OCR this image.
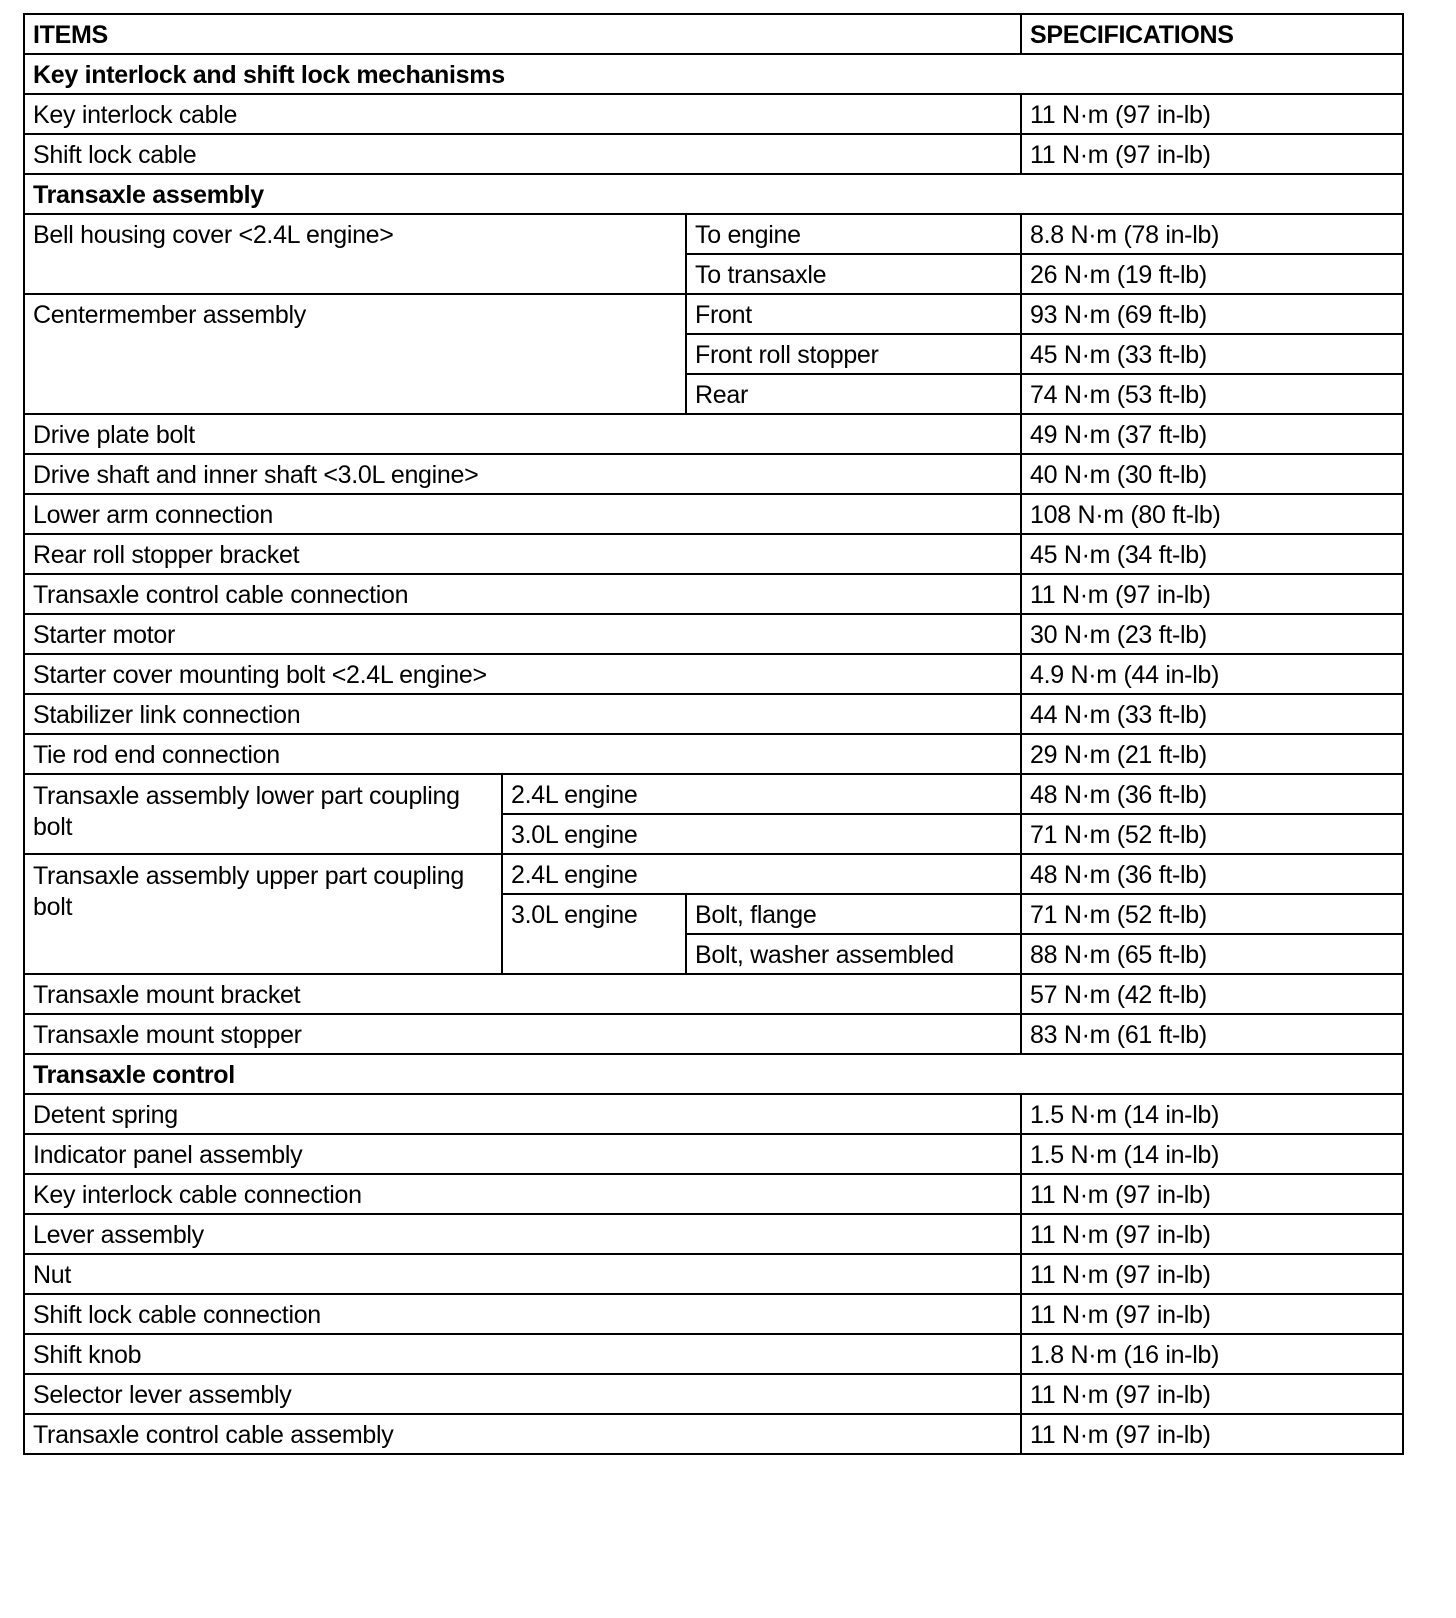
ITEMS			SPECIFICATIONS
Key interlock and shift lock mechanisms			
Key interlock cable			11 N·m (97 in-lb)
Shift lock cable			11 N·m (97 in-lb)
Transaxle assembly			
Bell housing cover <2.4L engine>		To engine	8.8 N·m (78 in-lb)
		To transaxle	26 N·m (19 ft-lb)
Centermember assembly		Front	93 N·m (69 ft-lb)
		Front roll stopper	45 N·m (33 ft-lb)
		Rear	74 N·m (53 ft-lb)
Drive plate bolt			49 N·m (37 ft-lb)
Drive shaft and inner shaft <3.0L engine>			40 N·m (30 ft-lb)
Lower arm connection			108 N·m (80 ft-lb)
Rear roll stopper bracket			45 N·m (34 ft-lb)
Transaxle control cable connection			11 N·m (97 in-lb)
Starter motor			30 N·m (23 ft-lb)
Starter cover mounting bolt <2.4L engine>			4.9 N·m (44 in-lb)
Stabilizer link connection			44 N·m (33 ft-lb)
Tie rod end connection			29 N·m (21 ft-lb)
Transaxle assembly lower part coupling bolt	2.4L engine		48 N·m (36 ft-lb)
	3.0L engine		71 N·m (52 ft-lb)
Transaxle assembly upper part coupling bolt	2.4L engine		48 N·m (36 ft-lb)
	3.0L engine	Bolt, flange	71 N·m (52 ft-lb)
		Bolt, washer assembled	88 N·m (65 ft-lb)
Transaxle mount bracket			57 N·m (42 ft-lb)
Transaxle mount stopper			83 N·m (61 ft-lb)
Transaxle control			
Detent spring			1.5 N·m (14 in-lb)
Indicator panel assembly			1.5 N·m (14 in-lb)
Key interlock cable connection			11 N·m (97 in-lb)
Lever assembly			11 N·m (97 in-lb)
Nut			11 N·m (97 in-lb)
Shift lock cable connection			11 N·m (97 in-lb)
Shift knob			1.8 N·m (16 in-lb)
Selector lever assembly			11 N·m (97 in-lb)
Transaxle control cable assembly			11 N·m (97 in-lb)
